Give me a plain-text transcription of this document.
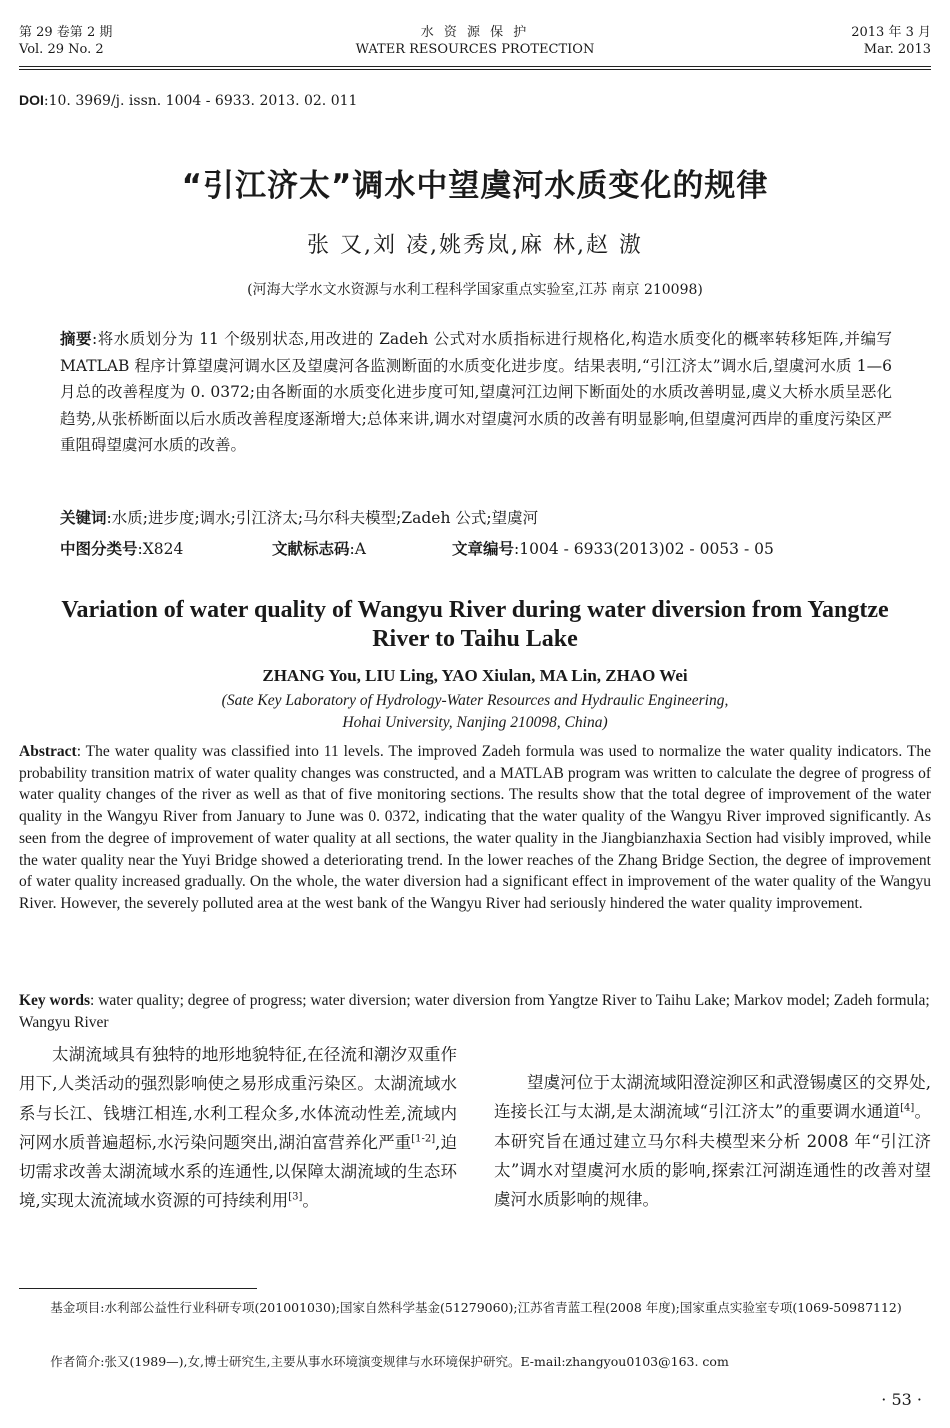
第 29 卷第 2 期
Vol. 29 No. 2
水 资 源 保 护
WATER RESOURCES PROTECTION
2013 年 3 月
Mar. 2013
DOI:10. 3969/j. issn. 1004 - 6933. 2013. 02. 011
“引江济太”调水中望虞河水质变化的规律
张 又,刘 凌,姚秀岚,麻 林,赵 滶
(河海大学水文水资源与水利工程科学国家重点实验室,江苏 南京 210098)
摘要:将水质划分为 11 个级别状态,用改进的 Zadeh 公式对水质指标进行规格化,构造水质变化的概率转移矩阵,并编写 MATLAB 程序计算望虞河调水区及望虞河各监测断面的水质变化进步度。结果表明,“引江济太”调水后,望虞河水质 1—6 月总的改善程度为 0. 0372;由各断面的水质变化进步度可知,望虞河江边闸下断面处的水质改善明显,虞义大桥水质呈恶化趋势,从张桥断面以后水质改善程度逐渐增大;总体来讲,调水对望虞河水质的改善有明显影响,但望虞河西岸的重度污染区严重阻碍望虞河水质的改善。
关键词:水质;进步度;调水;引江济太;马尔科夫模型;Zadeh 公式;望虞河
中图分类号:X824	文献标志码:A	文章编号:1004 - 6933(2013)02 - 0053 - 05
Variation of water quality of Wangyu River during water diversion from Yangtze River to Taihu Lake
ZHANG You, LIU Ling, YAO Xiulan, MA Lin, ZHAO Wei
(Sate Key Laboratory of Hydrology-Water Resources and Hydraulic Engineering,
Hohai University, Nanjing 210098, China)
Abstract: The water quality was classified into 11 levels. The improved Zadeh formula was used to normalize the water quality indicators. The probability transition matrix of water quality changes was constructed, and a MATLAB program was written to calculate the degree of progress of water quality changes of the river as well as that of five monitoring sections. The results show that the total degree of improvement of the water quality in the Wangyu River from January to June was 0. 0372, indicating that the water quality of the Wangyu River improved significantly. As seen from the degree of improvement of water quality at all sections, the water quality in the Jiangbianzhaxia Section had visibly improved, while the water quality near the Yuyi Bridge showed a deteriorating trend. In the lower reaches of the Zhang Bridge Section, the degree of improvement of water quality increased gradually. On the whole, the water diversion had a significant effect in improvement of the water quality of the Wangyu River. However, the severely polluted area at the west bank of the Wangyu River had seriously hindered the water quality improvement.
Key words: water quality; degree of progress; water diversion; water diversion from Yangtze River to Taihu Lake; Markov model; Zadeh formula; Wangyu River
太湖流域具有独特的地形地貌特征,在径流和潮汐双重作用下,人类活动的强烈影响使之易形成重污染区。太湖流域水系与长江、钱塘江相连,水利工程众多,水体流动性差,流域内河网水质普遍超标,水污染问题突出,湖泊富营养化严重[1-2],迫切需求改善太湖流域水系的连通性,以保障太湖流域的生态环境,实现太流流域水资源的可持续利用[3]。
望虞河位于太湖流域阳澄淀泖区和武澄锡虞区的交界处,连接长江与太湖,是太湖流域“引江济太”的重要调水通道[4]。本研究旨在通过建立马尔科夫模型来分析 2008 年“引江济太”调水对望虞河水质的影响,探索江河湖连通性的改善对望虞河水质影响的规律。
基金项目:水利部公益性行业科研专项(201001030);国家自然科学基金(51279060);江苏省青蓝工程(2008 年度);国家重点实验室专项(1069-50987112)
作者简介:张又(1989—),女,博士研究生,主要从事水环境演变规律与水环境保护研究。E-mail:zhangyou0103@163. com
· 53 ·
